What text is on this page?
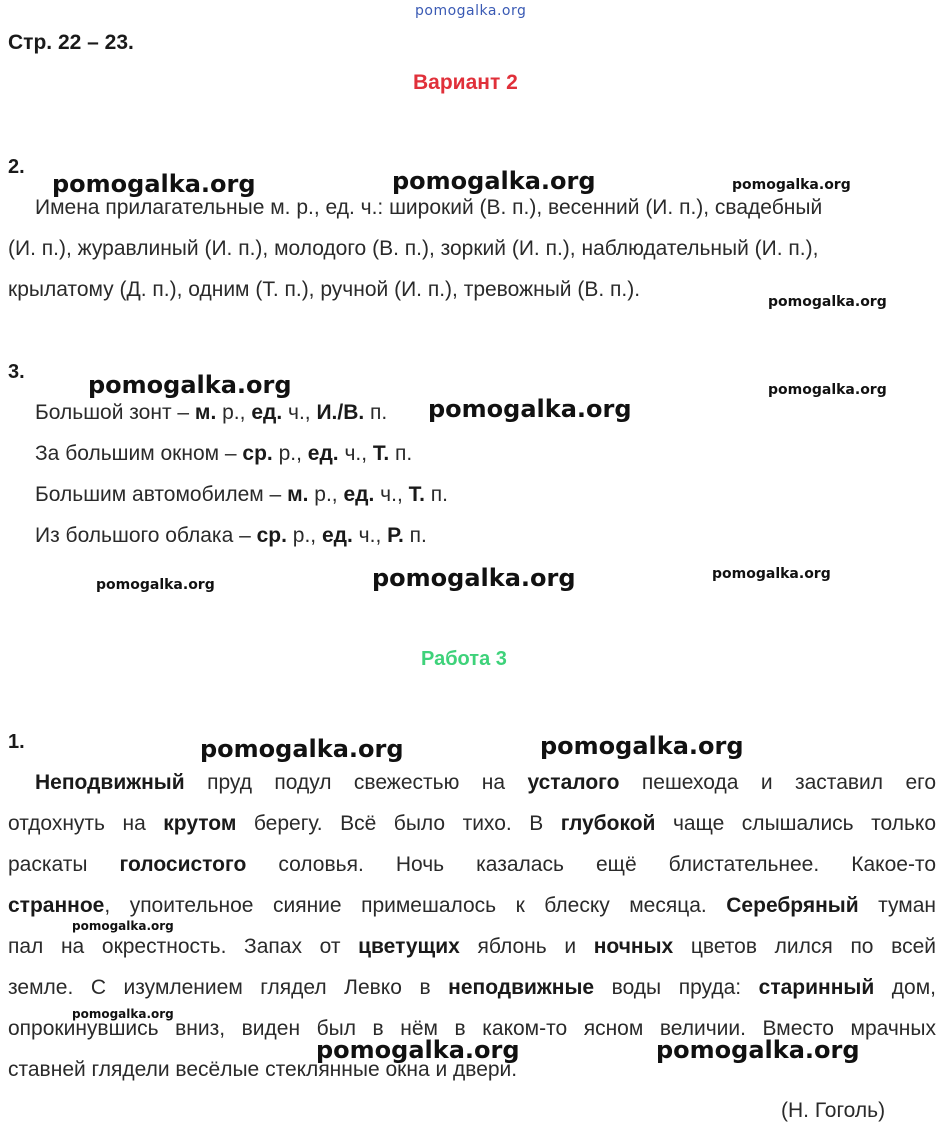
pomogalka.org
Стр. 22 – 23.
Вариант 2
2.
Имена прилагательные м. р., ед. ч.: широкий (В. п.), весенний (И. п.), свадебный
(И. п.), журавлиный (И. п.), молодого (В. п.), зоркий (И. п.), наблюдательный (И. п.),
крылатому (Д. п.), одним (Т. п.), ручной (И. п.), тревожный (В. п.).
3.
Большой зонт – м. р., ед. ч., И./В. п.
За большим окном – ср. р., ед. ч., Т. п.
Большим автомобилем – м. р., ед. ч., Т. п.
Из большого облака – ср. р., ед. ч., Р. п.
Работа 3
1.
Неподвижный пруд подул свежестью на усталого пешехода и заставил его
отдохнуть на крутом берегу. Всё было тихо. В глубокой чаще слышались только
раскаты голосистого соловья. Ночь казалась ещё блистательнее. Какое-то
странное, упоительное сияние примешалось к блеску месяца. Серебряный туман
пал на окрестность. Запах от цветущих яблонь и ночных цветов лился по всей
земле. С изумлением глядел Левко в неподвижные воды пруда: старинный дом,
опрокинувшись вниз, виден был в нём в каком-то ясном величии. Вместо мрачных
ставней глядели весёлые стеклянные окна и двери.
(Н. Гоголь)
pomogalka.org	pomogalka.org	pomogalka.org
pomogalka.org
pomogalka.org	pomogalka.org
pomogalka.org
pomogalka.org
pomogalka.org
pomogalka.org
pomogalka.org	pomogalka.org
pomogalka.org
pomogalka.org
pomogalka.org	pomogalka.org
